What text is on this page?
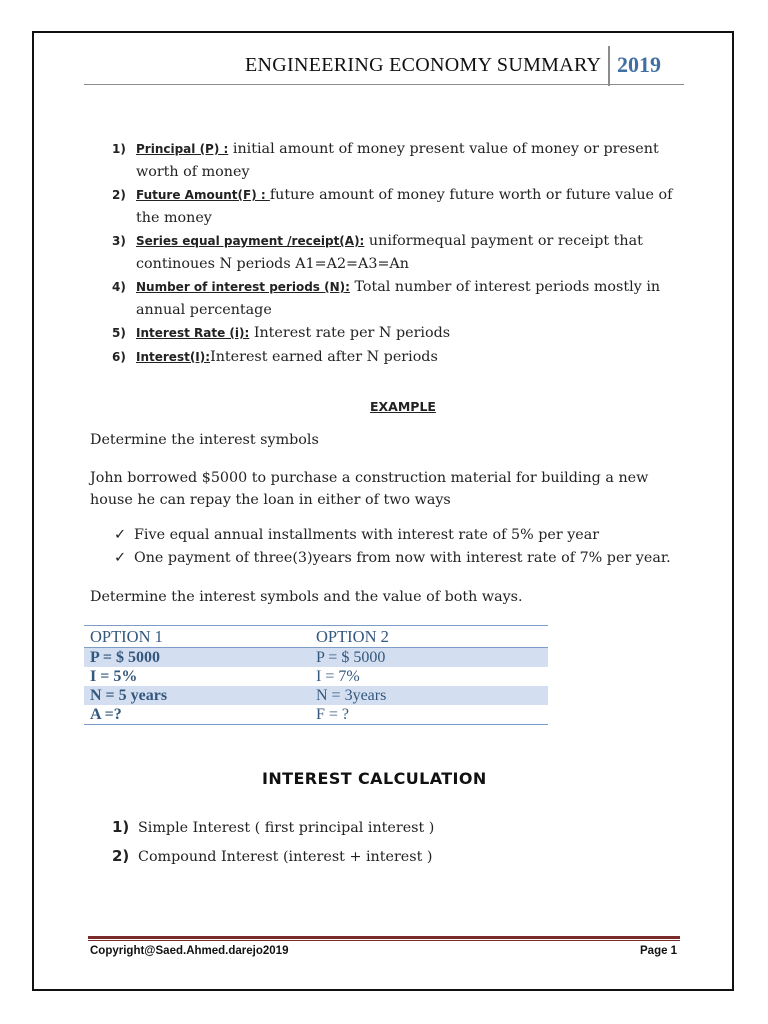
ENGINEERING ECONOMY SUMMARY 2019
1) Principal (P) : initial amount of money present value of money or present worth of money
2) Future Amount(F) : future amount of money future worth or future value of the money
3) Series equal payment /receipt(A): uniformequal payment or receipt that continoues N periods A1=A2=A3=An
4) Number of interest periods (N): Total number of interest periods mostly in annual percentage
5) Interest Rate (i): Interest rate per N periods
6) Interest(I):Interest earned after N periods
EXAMPLE
Determine the interest symbols
John borrowed $5000 to purchase a construction material for building a new house he can repay the loan in either of two ways
✓ Five equal annual installments with interest rate of 5% per year
✓ One payment of three(3)years from now with interest rate of 7% per year.
Determine the interest symbols and the value of both ways.
OPTION 1	OPTION 2
P = $ 5000	P = $ 5000
I = 5%	I = 7%
N = 5 years	N = 3years
A =?	F = ?
INTEREST CALCULATION
1) Simple Interest ( first principal interest )
2) Compound Interest (interest + interest )
Copyright@Saed.Ahmed.darejo2019	Page 1
